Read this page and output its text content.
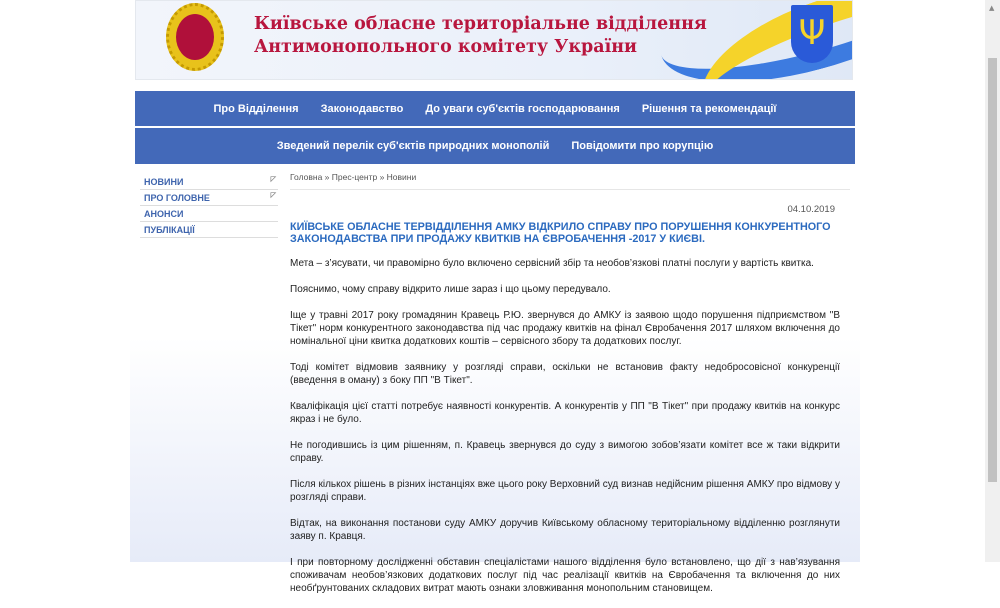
Київське обласне територіальне відділення
Антимонопольного комітету України	Ψ
Про Відділення Законодавство До уваги суб'єктів господарювання Рішення та рекомендації
Зведений перелік суб'єктів природних монополій Повідомити про корупцію
НОВИНИ	◸
ПРО ГОЛОВНЕ	◸
АНОНСИ
ПУБЛІКАЦІЇ
Головна » Прес-центр » Новини
04.10.2019
КИЇВСЬКЕ ОБЛАСНЕ ТЕРВІДДІЛЕННЯ АМКУ ВІДКРИЛО СПРАВУ ПРО ПОРУШЕННЯ КОНКУРЕНТНОГО ЗАКОНОДАВСТВА ПРИ ПРОДАЖУ КВИТКІВ НА ЄВРОБАЧЕННЯ -2017 У КИЄВІ.

Мета – з’ясувати, чи правомірно було включено сервісний збір та необов’язкові платні послуги у вартість квитка.

Пояснимо, чому справу відкрито лише зараз і що цьому передувало.

Іще у травні 2017 року громадянин Кравець Р.Ю. звернувся до АМКУ із заявою щодо порушення підприємством "В Тікет" норм конкурентного законодавства під час продажу квитків на фінал Євробачення 2017 шляхом включення до номінальної ціни квитка додаткових коштів – сервісного збору та додаткових послуг.

Тоді комітет відмовив заявнику у розгляді справи, оскільки не встановив факту недобросовісної конкуренції (введення в оману) з боку ПП "В Тікет".

Кваліфікація цієї статті потребує наявності конкурентів. А конкурентів у ПП "В Тікет" при продажу квитків на конкурс якраз і не було.

Не погодившись із цим рішенням, п. Кравець звернувся до суду з вимогою зобов’язати комітет все ж таки відкрити справу.

Після кількох рішень в різних інстанціях вже цього року Верховний суд визнав недійсним рішення АМКУ про відмову у розгляді справи.

Відтак, на виконання постанови суду АМКУ доручив Київському обласному територіальному відділенню розглянути заяву п. Кравця.

І при повторному дослідженні обставин спеціалістами нашого відділення було встановлено, що дії з нав’язування споживачам необов’язкових додаткових послуг під час реалізації квитків на Євробачення та включення до них необґрунтованих складових витрат мають ознаки зловживання монопольним становищем.

▲
